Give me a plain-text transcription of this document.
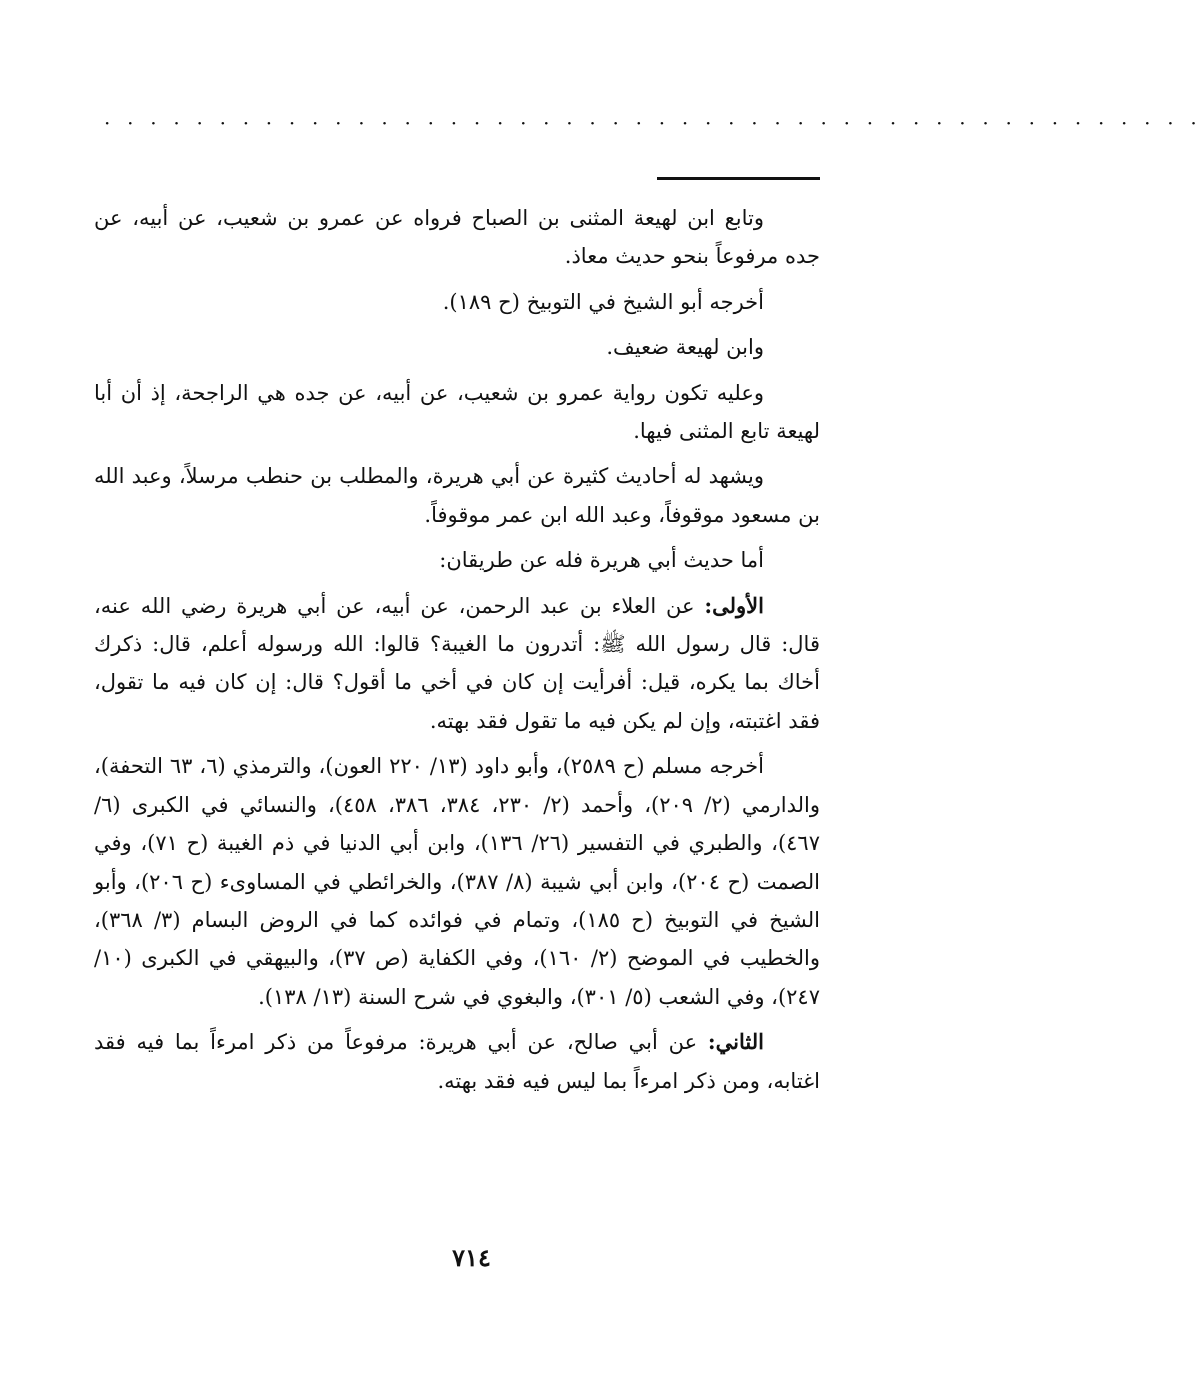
· · · · · · · · · · · · · · · · · · · · · · · · · · · · · · · · · · · · · · · · · · · · · · · ·

وتابع ابن لهيعة المثنى بن الصباح فرواه عن عمرو بن شعيب، عن أبيه، عن جده مرفوعاً بنحو حديث معاذ.

أخرجه أبو الشيخ في التوبيخ (ح ١٨٩).

وابن لهيعة ضعيف.

وعليه تكون رواية عمرو بن شعيب، عن أبيه، عن جده هي الراجحة، إذ أن أبا لهيعة تابع المثنى فيها.

ويشهد له أحاديث كثيرة عن أبي هريرة، والمطلب بن حنطب مرسلاً، وعبد الله بن مسعود موقوفاً، وعبد الله ابن عمر موقوفاً.

أما حديث أبي هريرة فله عن طريقان:

الأولى: عن العلاء بن عبد الرحمن، عن أبيه، عن أبي هريرة رضي الله عنه، قال: قال رسول الله ﷺ: أتدرون ما الغيبة؟ قالوا: الله ورسوله أعلم، قال: ذكرك أخاك بما يكره، قيل: أفرأيت إن كان في أخي ما أقول؟ قال: إن كان فيه ما تقول، فقد اغتبته، وإن لم يكن فيه ما تقول فقد بهته.

أخرجه مسلم (ح ٢٥٨٩)، وأبو داود (١٣/ ٢٢٠ العون)، والترمذي (٦، ٦٣ التحفة)، والدارمي (٢/ ٢٠٩)، وأحمد (٢/ ٢٣٠، ٣٨٤، ٣٨٦، ٤٥٨)، والنسائي في الكبرى (٦/ ٤٦٧)، والطبري في التفسير (٢٦/ ١٣٦)، وابن أبي الدنيا في ذم الغيبة (ح ٧١)، وفي الصمت (ح ٢٠٤)، وابن أبي شيبة (٨/ ٣٨٧)، والخرائطي في المساوىء (ح ٢٠٦)، وأبو الشيخ في التوبيخ (ح ١٨٥)، وتمام في فوائده كما في الروض البسام (٣/ ٣٦٨)، والخطيب في الموضح (٢/ ١٦٠)، وفي الكفاية (ص ٣٧)، والبيهقي في الكبرى (١٠/ ٢٤٧)، وفي الشعب (٥/ ٣٠١)، والبغوي في شرح السنة (١٣/ ١٣٨).

الثاني: عن أبي صالح، عن أبي هريرة: مرفوعاً من ذكر امرءاً بما فيه فقد اغتابه، ومن ذكر امرءاً بما ليس فيه فقد بهته.

٧١٤
